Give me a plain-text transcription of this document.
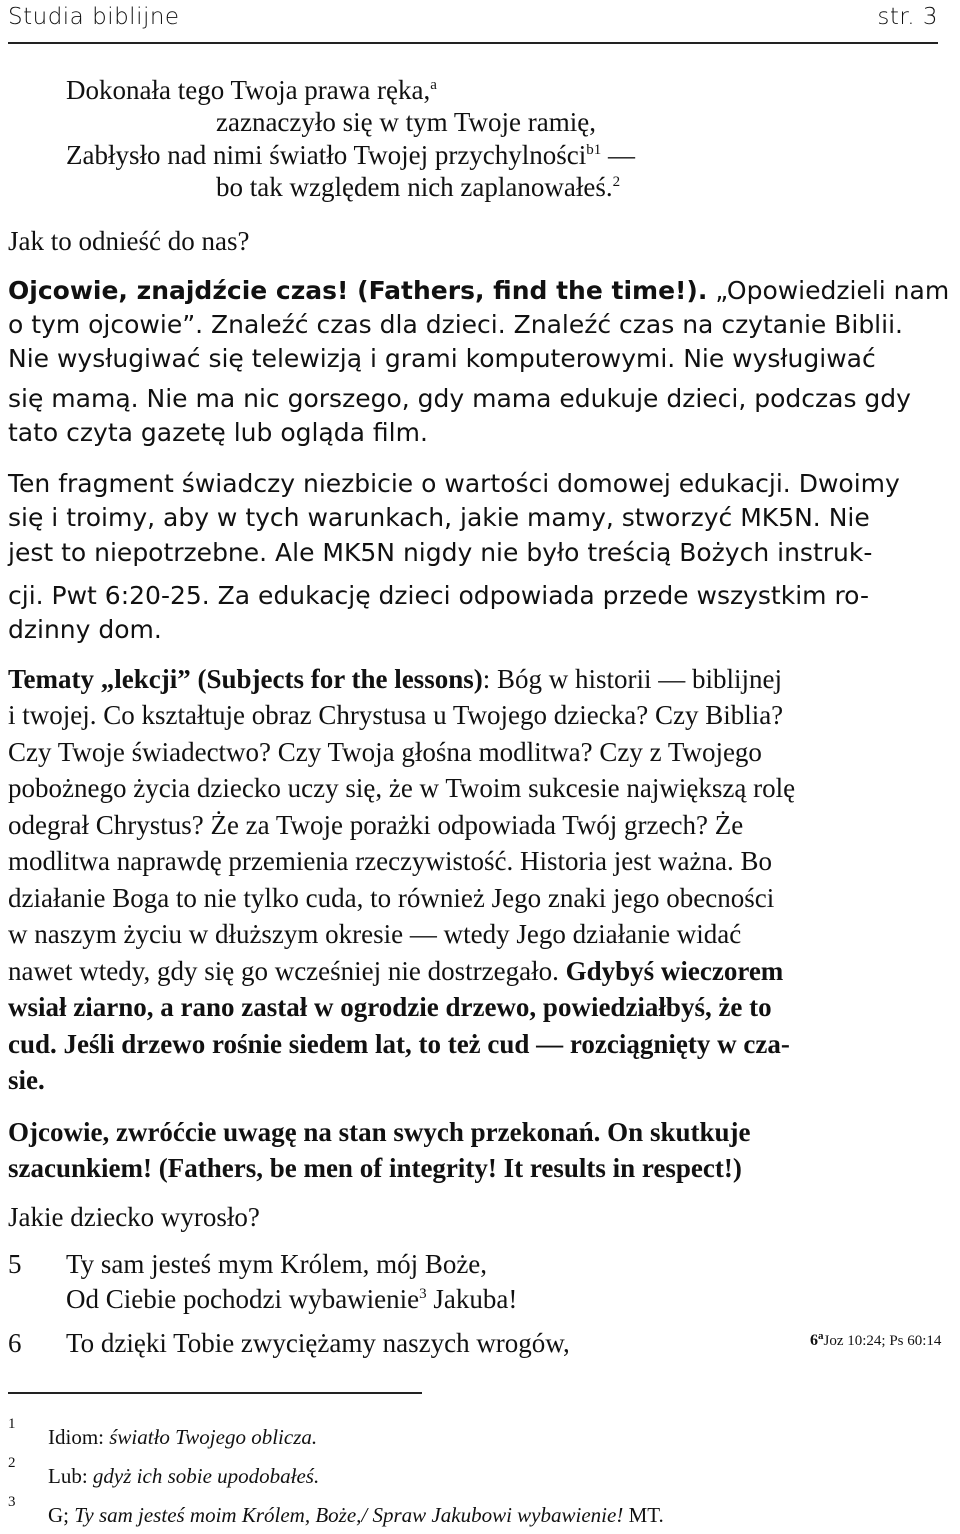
Studia biblijne	str. 3
Dokonała tego Twoja prawa ręka,$^a$
zaznaczyło się w tym Twoje ramię,
Zabłysło nad nimi światło Twojej przychylności$^{b1}$ —
bo tak względem nich zaplanowałeś.$^2$
Jak to odnieść do nas?
Ojcowie, znajdźcie czas! (Fathers, find the time!). „Opowiedzieli nam
o tym ojcowie”. Znaleźć czas dla dzieci. Znaleźć czas na czytanie Biblii.
Nie wysługiwać się telewizją i grami komputerowymi. Nie wysługiwać
się mamą. Nie ma nic gorszego, gdy mama edukuje dzieci, podczas gdy
tato czyta gazetę lub ogląda film.
Ten fragment świadczy niezbicie o wartości domowej edukacji. Dwoimy
się i troimy, aby w tych warunkach, jakie mamy, stworzyć MK5N. Nie
jest to niepotrzebne. Ale MK5N nigdy nie było treścią Bożych instruk-
cji. Pwt 6:20-25. Za edukację dzieci odpowiada przede wszystkim ro-
dzinny dom.
Tematy „lekcji” (Subjects for the lessons): Bóg w historii — biblijnej
i twojej. Co kształtuje obraz Chrystusa u Twojego dziecka? Czy Biblia?
Czy Twoje świadectwo? Czy Twoja głośna modlitwa? Czy z Twojego
pobożnego życia dziecko uczy się, że w Twoim sukcesie największą rolę
odegrał Chrystus? Że za Twoje porażki odpowiada Twój grzech? Że
modlitwa naprawdę przemienia rzeczywistość. Historia jest ważna. Bo
działanie Boga to nie tylko cuda, to również Jego znaki jego obecności
w naszym życiu w dłuższym okresie — wtedy Jego działanie widać
nawet wtedy, gdy się go wcześniej nie dostrzegało. Gdybyś wieczorem
wsiał ziarno, a rano zastał w ogrodzie drzewo, powiedziałbyś, że to
cud. Jeśli drzewo rośnie siedem lat, to też cud — rozciągnięty w cza-
sie.
Ojcowie, zwróćcie uwagę na stan swych przekonań. On skutkuje
szacunkiem! (Fathers, be men of integrity! It results in respect!)
Jakie dziecko wyrosło?
5 Ty sam jesteś mym Królem, mój Boże,
Od Ciebie pochodzi wybawienie$^3$ Jakuba!
6 To dzięki Tobie zwyciężamy naszych wrogów,	6$^a$Joz 10:24; Ps 60:14
1
Idiom: światło Twojego oblicza.
2
Lub: gdyż ich sobie upodobałeś.
3
G; Ty sam jesteś moim Królem, Boże,/ Spraw Jakubowi wybawienie! MT.
